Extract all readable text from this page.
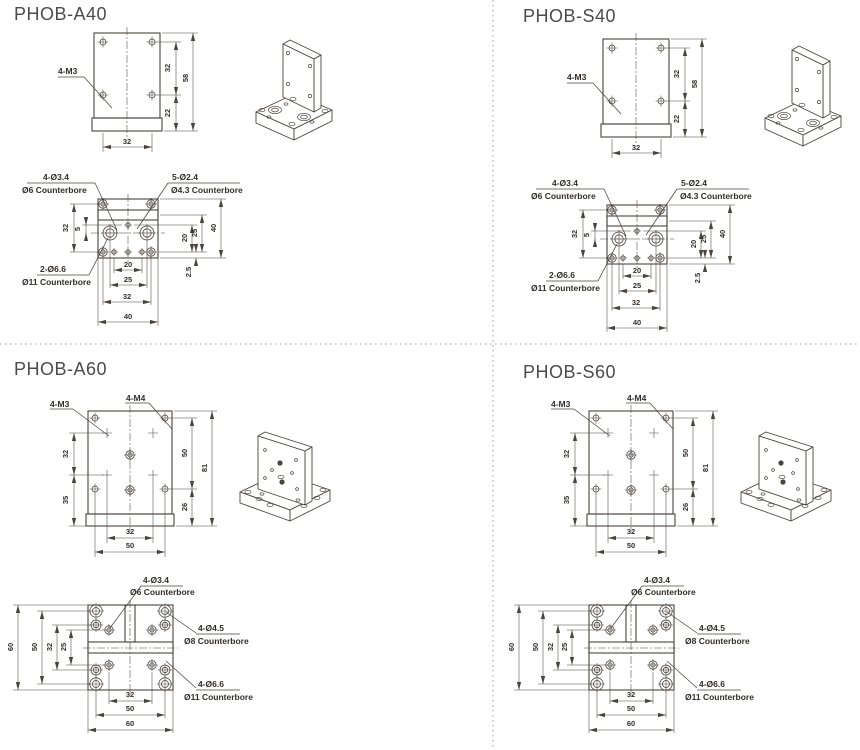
PHOB-A40
4-M3	32
22
58
32
4-Ø3.4
Ø6 Counterbore
5-Ø2.4
Ø4.3 Counterbore
2-Ø6.6
Ø11 Counterbore
32 5
20
25
40
2.5
20
25
32
40
PHOB-S40
4-M3	32
22
58
32
4-Ø3.4
Ø6 Counterbore
5-Ø2.4
Ø4.3 Counterbore
2-Ø6.6
Ø11 Counterbore
32 5
20
25
40
2.5
20
25
32
40
PHOB-A60
4-M3
4-M4
32
35
50
26
81
32
50
4-Ø3.4
Ø6 Counterbore
4-Ø4.5
Ø8 Counterbore
4-Ø6.6
Ø11 Counterbore
60 50 32 25
32
50
60
PHOB-S60
4-M3
4-M4
32
35
50
26
81
32
50
4-Ø3.4
Ø6 Counterbore
4-Ø4.5
Ø8 Counterbore
4-Ø6.6
Ø11 Counterbore
60 50 32 25
32
50
60
